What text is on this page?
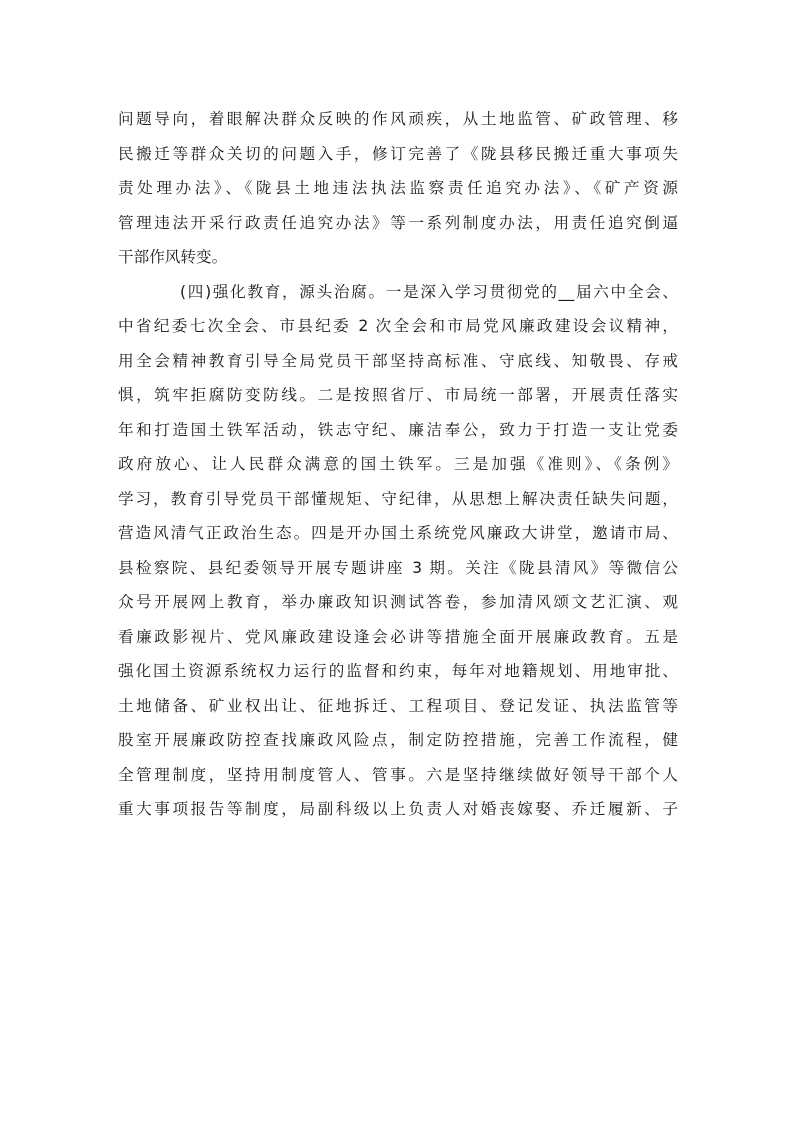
问题导向，着眼解决群众反映的作风顽疾，从土地监管、矿政管理、移
民搬迁等群众关切的问题入手，修订完善了《陇县移民搬迁重大事项失
责处理办法》、《陇县土地违法执法监察责任追究办法》、《矿产资源
管理违法开采行政责任追究办法》等一系列制度办法，用责任追究倒逼
干部作风转变。
(四)强化教育，源头治腐。一是深入学习贯彻党的__届六中全会、
中省纪委七次全会、市县纪委 2 次全会和市局党风廉政建设会议精神，
用全会精神教育引导全局党员干部坚持高标准、守底线、知敬畏、存戒
惧，筑牢拒腐防变防线。二是按照省厅、市局统一部署，开展责任落实
年和打造国土铁军活动，铁志守纪、廉洁奉公，致力于打造一支让党委
政府放心、让人民群众满意的国土铁军。三是加强《准则》、《条例》
学习，教育引导党员干部懂规矩、守纪律，从思想上解决责任缺失问题，
营造风清气正政治生态。四是开办国土系统党风廉政大讲堂，邀请市局、
县检察院、县纪委领导开展专题讲座 3 期。关注《陇县清风》等微信公
众号开展网上教育，举办廉政知识测试答卷，参加清风颂文艺汇演、观
看廉政影视片、党风廉政建设逢会必讲等措施全面开展廉政教育。五是
强化国土资源系统权力运行的监督和约束，每年对地籍规划、用地审批、
土地储备、矿业权出让、征地拆迁、工程项目、登记发证、执法监管等
股室开展廉政防控查找廉政风险点，制定防控措施，完善工作流程，健
全管理制度，坚持用制度管人、管事。六是坚持继续做好领导干部个人
重大事项报告等制度，局副科级以上负责人对婚丧嫁娶、乔迁履新、子
